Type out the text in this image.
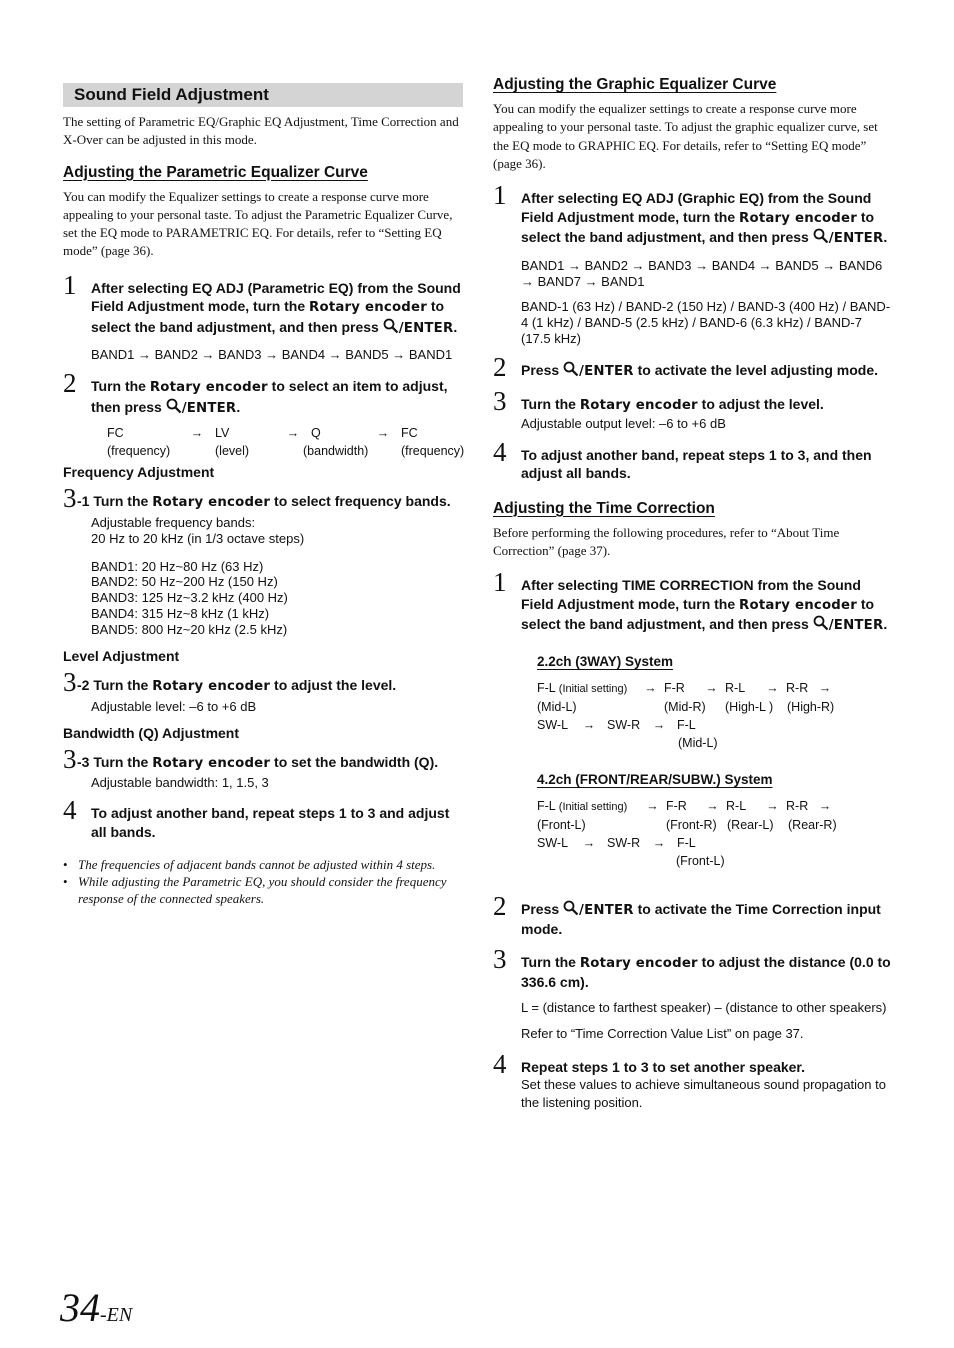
Sound Field Adjustment
The setting of Parametric EQ/Graphic EQ Adjustment, Time Correction and X-Over can be adjusted in this mode.
Adjusting the Parametric Equalizer Curve
You can modify the Equalizer settings to create a response curve more appealing to your personal taste. To adjust the Parametric Equalizer Curve, set the EQ mode to PARAMETRIC EQ. For details, refer to “Setting EQ mode” (page 36).
1 After selecting EQ ADJ (Parametric EQ) from the Sound Field Adjustment mode, turn the Rotary encoder to select the band adjustment, and then press /ENTER.
BAND1 → BAND2 → BAND3 → BAND4 → BAND5 → BAND1
2 Turn the Rotary encoder to select an item to adjust, then press /ENTER.
FC	→ LV	→ Q	→ FC
(frequency)	(level)	(bandwidth)	(frequency)
Frequency Adjustment
3 -1 Turn the Rotary encoder to select frequency bands.
Adjustable frequency bands:
20 Hz to 20 kHz (in 1/3 octave steps)
BAND1: 20 Hz~80 Hz (63 Hz)
BAND2: 50 Hz~200 Hz (150 Hz)
BAND3: 125 Hz~3.2 kHz (400 Hz)
BAND4: 315 Hz~8 kHz (1 kHz)
BAND5: 800 Hz~20 kHz (2.5 kHz)
Level Adjustment
3 -2 Turn the Rotary encoder to adjust the level.
Adjustable level: –6 to +6 dB
Bandwidth (Q) Adjustment
3 -3 Turn the Rotary encoder to set the bandwidth (Q).
Adjustable bandwidth: 1, 1.5, 3
4 To adjust another band, repeat steps 1 to 3 and adjust all bands.
• The frequencies of adjacent bands cannot be adjusted within 4 steps.
• While adjusting the Parametric EQ, you should consider the frequency response of the connected speakers.
Adjusting the Graphic Equalizer Curve
You can modify the equalizer settings to create a response curve more appealing to your personal taste. To adjust the graphic equalizer curve, set the EQ mode to GRAPHIC EQ. For details, refer to “Setting EQ mode” (page 36).
1 After selecting EQ ADJ (Graphic EQ) from the Sound Field Adjustment mode, turn the Rotary encoder to select the band adjustment, and then press /ENTER.
BAND1 → BAND2 → BAND3 → BAND4 → BAND5 → BAND6 → BAND7 → BAND1
BAND-1 (63 Hz) / BAND-2 (150 Hz) / BAND-3 (400 Hz) / BAND-4 (1 kHz) / BAND-5 (2.5 kHz) / BAND-6 (6.3 kHz) / BAND-7 (17.5 kHz)
2 Press /ENTER to activate the level adjusting mode.
3 Turn the Rotary encoder to adjust the level.
Adjustable output level: –6 to +6 dB
4 To adjust another band, repeat steps 1 to 3, and then adjust all bands.
Adjusting the Time Correction
Before performing the following procedures, refer to “About Time Correction” (page 37).
1 After selecting TIME CORRECTION from the Sound Field Adjustment mode, turn the Rotary encoder to select the band adjustment, and then press /ENTER.
2.2ch (3WAY) System
F-L (Initial setting)	→ F-R	→ R-L	→ R-R →
(Mid-L)	(Mid-R)	(High-L )	(High-R)
SW-L	→ SW-R	→ F-L
(Mid-L)
4.2ch (FRONT/REAR/SUBW.) System
F-L (Initial setting)	→ F-R	→ R-L	→ R-R →
(Front-L)	(Front-R) (Rear-L)	(Rear-R)
SW-L	→ SW-R	→ F-L
(Front-L)
2 Press /ENTER to activate the Time Correction input mode.
3 Turn the Rotary encoder to adjust the distance (0.0 to 336.6 cm).
L = (distance to farthest speaker) – (distance to other speakers)
Refer to “Time Correction Value List” on page 37.
4 Repeat steps 1 to 3 to set another speaker.
Set these values to achieve simultaneous sound propagation to the listening position.
34-EN
